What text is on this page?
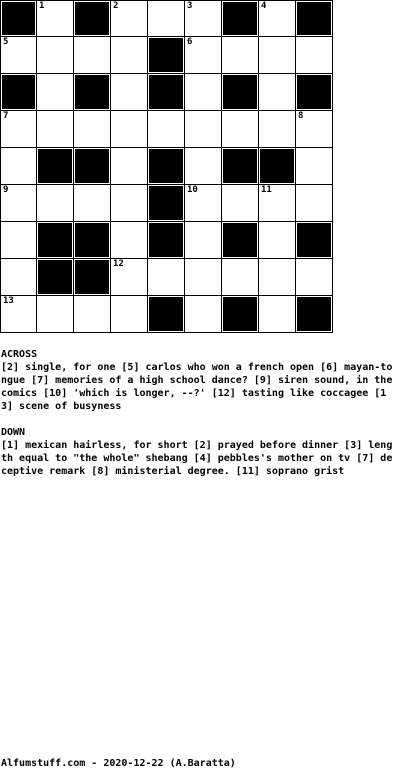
1	2	3	4
5	6
7	8
9	10	11
12
13

ACROSS

[2] single, for one [5] carlos who won a french open [6] mayan-tongue [7] memories of a high school dance? [9] siren sound, in the comics [10] 'which is longer, --?' [12] tasting like coccagee [13] scene of busyness

DOWN

[1] mexican hairless, for short [2] prayed before dinner [3] length equal to "the whole" shebang [4] pebbles's mother on tv [7] deceptive remark [8] ministerial degree. [11] soprano grist

Alfumstuff.com - 2020-12-22 (A.Baratta)
